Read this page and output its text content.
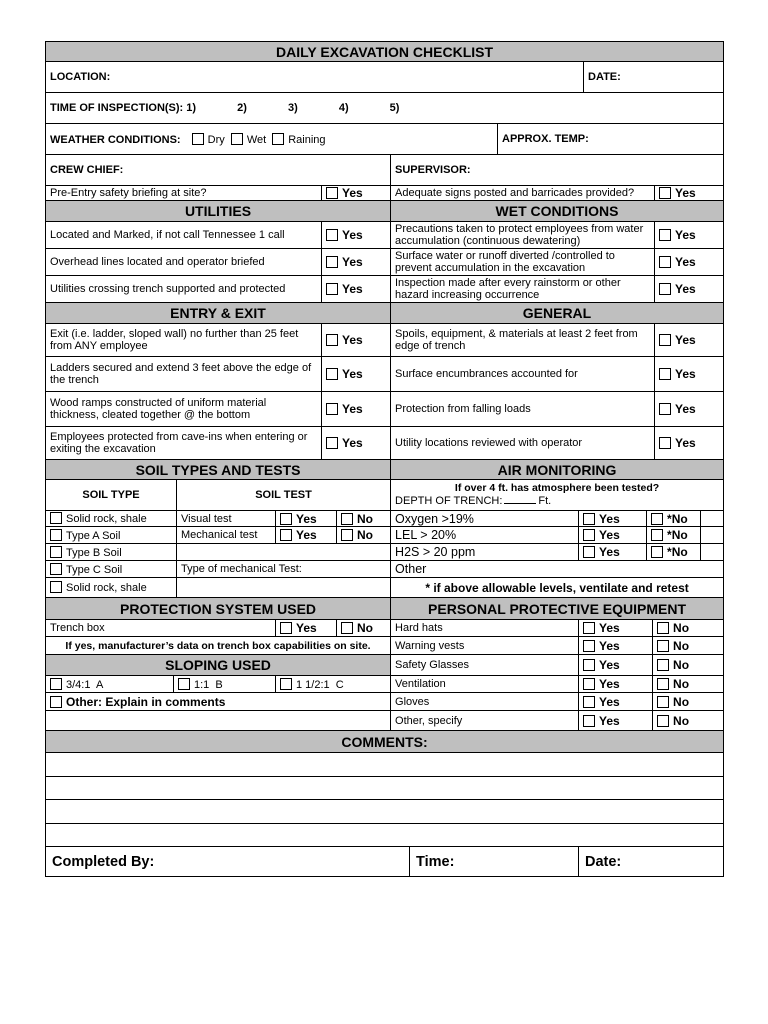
DAILY EXCAVATION CHECKLIST			
LOCATION:			DATE:
TIME OF INSPECTION(S): 1) 2) 3) 4) 5)			
WEATHER CONDITIONS: Dry Wet Raining		APPROX. TEMP:	
CREW CHIEF:	SUPERVISOR:		
Pre-Entry safety briefing at site?	Yes	Adequate signs posted and barricades provided?	Yes
UTILITIES		WET CONDITIONS	
Located and Marked, if not call Tennessee 1 call	Yes	Precautions taken to protect employees from water accumulation (continuous dewatering)	Yes
Overhead lines located and operator briefed	Yes	Surface water or runoff diverted /controlled to prevent accumulation in the excavation	Yes
Utilities crossing trench supported and protected	Yes	Inspection made after every rainstorm or other hazard increasing occurrence	Yes
ENTRY & EXIT		GENERAL	
Exit (i.e. ladder, sloped wall) no further than 25 feet from ANY employee	Yes	Spoils, equipment, & materials at least 2 feet from edge of trench	Yes
Ladders secured and extend 3 feet above the edge of the trench	Yes	Surface encumbrances accounted for	Yes
Wood ramps constructed of uniform material thickness, cleated together @ the bottom	Yes	Protection from falling loads	Yes
Employees protected from cave-ins when entering or exiting the excavation	Yes	Utility locations reviewed with operator	Yes
SOIL TYPES AND TESTS				AIR MONITORING			
SOIL TYPE	SOIL TEST			If over 4 ft. has atmosphere been tested?
DEPTH OF TRENCH: Ft.			

Solid rock, shale	Visual test	Yes	No	Oxygen >19%	Yes	*No	
Type A Soil	Mechanical test	Yes	No	LEL > 20%	Yes	*No	
Type B Soil				H2S > 20 ppm	Yes	*No	
Type C Soil	Type of mechanical Test:			Other			
Solid rock, shale				* if above allowable levels, ventilate and retest			
PROTECTION SYSTEM USED				PERSONAL PROTECTIVE EQUIPMENT		
Trench box		Yes	No	Hard hats	Yes	No
If yes, manufacturer’s data on trench box capabilities on site.				Warning vests	Yes	No
SLOPING USED				Safety Glasses	Yes	No
3/4:1  A	1:1  B	1 1/2:1  C		Ventilation	Yes	No
Other: Explain in comments				Gloves	Yes	No
				Other, specify	Yes	No
COMMENTS:

Completed By:	Time:	Date:
